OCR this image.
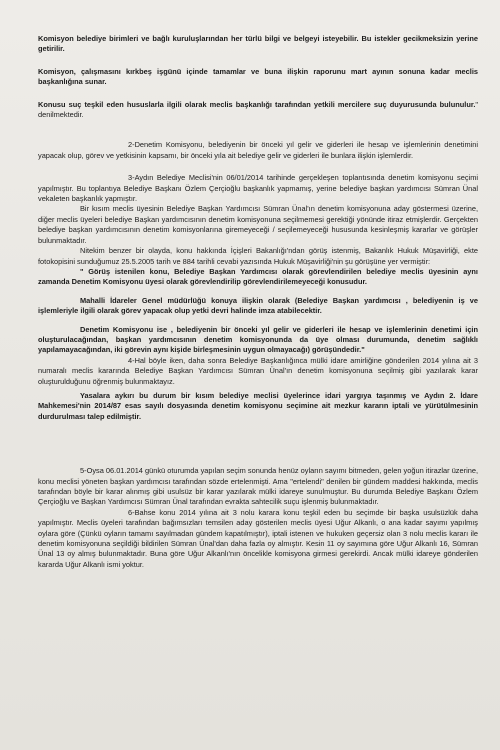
Komisyon belediye birimleri ve bağlı kuruluşlarından her türlü bilgi ve belgeyi isteyebilir. Bu istekler gecikmeksizin yerine getirilir.

Komisyon, çalışmasını kırkbeş işgünü içinde tamamlar ve buna ilişkin raporunu mart ayının sonuna kadar meclis başkanlığına sunar.

Konusu suç teşkil eden hususlarla ilgili olarak meclis başkanlığı tarafından yetkili mercilere suç duyurusunda bulunulur." denilmektedir.

2-Denetim Komisyonu, belediyenin bir önceki yıl gelir ve giderleri ile hesap ve işlemlerinin denetimini yapacak olup, görev ve yetkisinin kapsamı, bir önceki yıla ait belediye gelir ve giderleri ile bunlara ilişkin işlemlerdir.

3-Aydın Belediye Meclisi'nin 06/01/2014 tarihinde gerçekleşen toplantısında denetim komisyonu seçimi yapılmıştır. Bu toplantıya Belediye Başkanı Özlem Çerçioğlu başkanlık yapmamış, yerine belediye başkan yardımcısı Sümran Ünal vekaleten başkanlık yapmıştır.

Bir kısım meclis üyesinin Belediye Başkan Yardımcısı Sümran Ünal'ın denetim komisyonuna aday göstermesi üzerine, diğer meclis üyeleri belediye Başkan yardımcısının denetim komisyonuna seçilmemesi gerektiği yönünde itiraz etmişlerdir. Gerçekten belediye başkan yardımcısının denetim komisyonlarına giremeyeceği / seçilemeyeceği hususunda kesinleşmiş kararlar ve görüşler bulunmaktadır.

Nitekim benzer bir olayda, konu hakkında İçişleri Bakanlığı'ndan görüş istenmiş, Bakanlık Hukuk Müşavirliği, ekte fotokopisini sunduğumuz 25.5.2005 tarih ve 884 tarihli cevabi yazısında Hukuk Müşavirliği'nin şu görüşüne yer vermiştir:

" Görüş istenilen konu, Belediye Başkan Yardımcısı olarak görevlendirilen belediye meclis üyesinin aynı zamanda Denetim Komisyonu üyesi olarak görevlendirilip görevlendirilemeyeceği konusudur.

Mahalli İdareler Genel müdürlüğü konuya ilişkin olarak (Belediye Başkan yardımcısı , belediyenin iş ve işlemleriyle ilgili olarak görev yapacak olup yetki devri halinde imza atabilecektir.

Denetim Komisyonu ise , belediyenin bir önceki yıl gelir ve giderleri ile hesap ve işlemlerinin denetimi için oluşturulacağından, başkan yardımcısının denetim komisyonunda da üye olması durumunda, denetim sağlıklı yapılamayacağından, iki görevin aynı kişide birleşmesinin uygun olmayacağı) görüşündedir."

4-Hal böyle iken, daha sonra Belediye Başkanlığınca mülki idare amirliğine gönderilen 2014 yılına ait 3 numaralı meclis kararında Belediye Başkan Yardımcısı Sümran Ünal'ın denetim komisyonuna seçilmiş gibi yazılarak karar oluşturulduğunu öğrenmiş bulunmaktayız.

Yasalara aykırı bu durum bir kısım belediye meclisi üyelerince idari yargıya taşınmış ve Aydın 2. İdare Mahkemesi'nin 2014/87 esas sayılı dosyasında denetim komisyonu seçimine ait mezkur kararın iptali ve yürütülmesinin durdurulması talep edilmiştir.

5-Oysa 06.01.2014 günkü oturumda yapılan seçim sonunda henüz oyların sayımı bitmeden, gelen yoğun itirazlar üzerine, konu meclisi yöneten başkan yardımcısı tarafından sözde ertelenmişti. Ama "ertelendi" denilen bir gündem maddesi hakkında, meclis tarafından böyle bir karar alınmış gibi usulsüz bir karar yazılarak mülki idareye sunulmuştur. Bu durumda Belediye Başkanı Özlem Çerçioğlu ve Başkan Yardımcısı Sümran Ünal tarafından evrakta sahtecilik suçu işlenmiş bulunmaktadır.

6-Bahse konu 2014 yılına ait 3 nolu karara konu teşkil eden bu seçimde bir başka usulsüzlük daha yapılmıştır. Meclis üyeleri tarafından bağımsızları temsilen aday gösterilen meclis üyesi Uğur Alkanlı, o ana kadar sayımı yapılmış oylara göre (Çünkü oyların tamamı sayılmadan gündem kapatılmıştır), iptali istenen ve hukuken geçersiz olan 3 nolu meclis kararı ile denetim komisyonuna seçildiği bildirilen Sümran Ünal'dan daha fazla oy almıştır. Kesin 11 oy sayımına göre Uğur Alkanlı 16, Sümran Ünal 13 oy almış bulunmaktadır. Buna göre Uğur Alkanlı'nın öncelikle komisyona girmesi gerekirdi. Ancak mülki idareye gönderilen kararda Uğur Alkanlı ismi yoktur.
